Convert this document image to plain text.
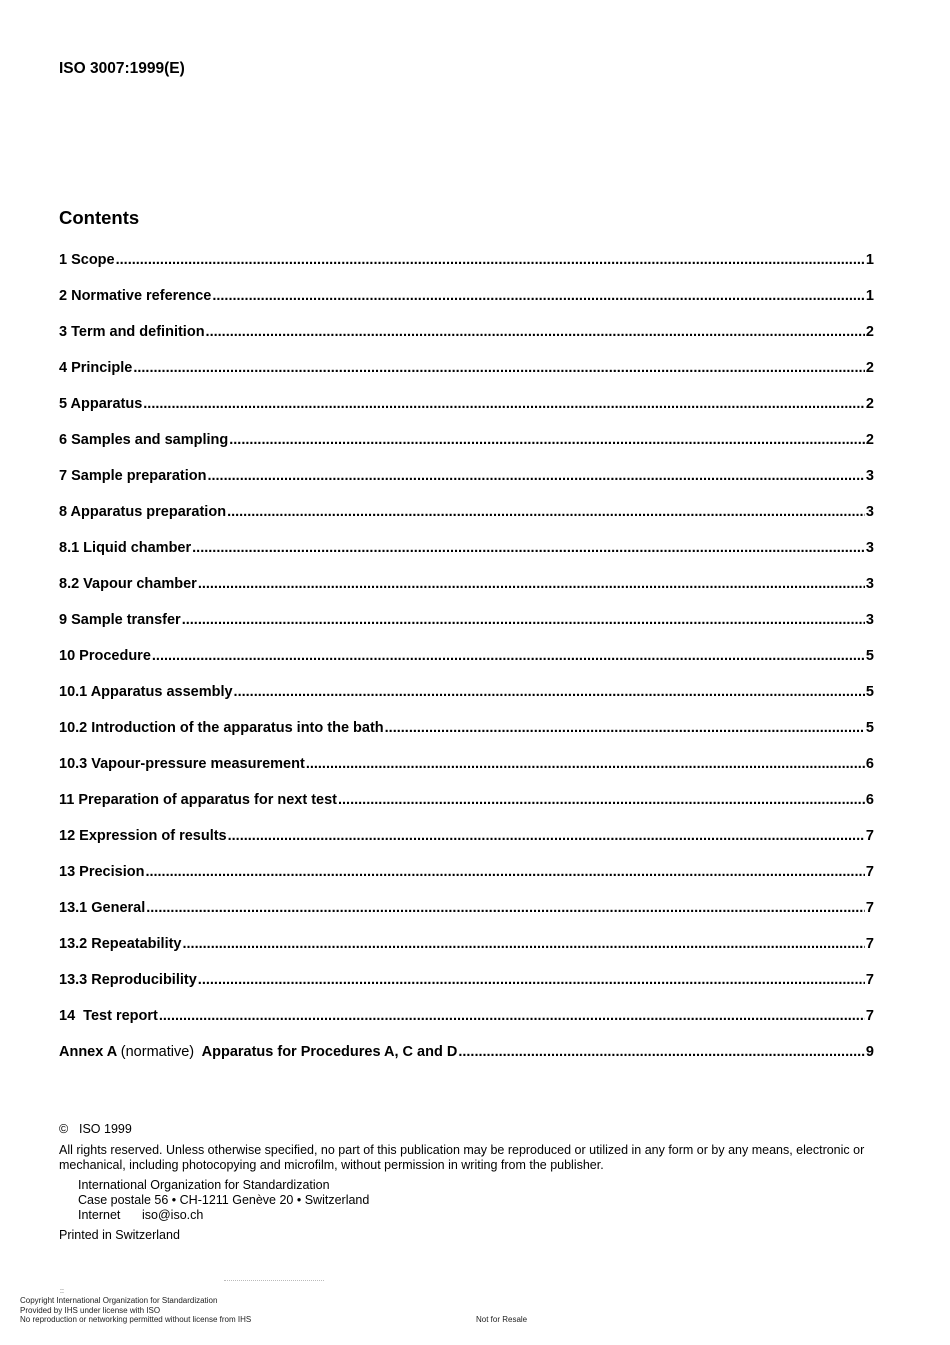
ISO 3007:1999(E)
Contents
1 Scope .....	1
2 Normative reference .....	1
3 Term and definition .....	2
4 Principle .....	2
5 Apparatus .....	2
6 Samples and sampling .....	2
7 Sample preparation .....	3
8 Apparatus preparation .....	3
8.1 Liquid chamber .....	3
8.2 Vapour chamber .....	3
9 Sample transfer .....	3
10 Procedure .....	5
10.1 Apparatus assembly .....	5
10.2 Introduction of the apparatus into the bath .....	5
10.3 Vapour-pressure measurement .....	6
11 Preparation of apparatus for next test .....	6
12 Expression of results .....	7
13 Precision .....	7
13.1 General .....	7
13.2 Repeatability .....	7
13.3 Reproducibility .....	7
14  Test report .....	7
Annex A (normative) Apparatus for Procedures A, C and D .....	9
© ISO 1999
All rights reserved. Unless otherwise specified, no part of this publication may be reproduced or utilized in any form or by any means, electronic or mechanical, including photocopying and microfilm, without permission in writing from the publisher.
International Organization for Standardization
Case postale 56 • CH-1211 Genève 20 • Switzerland
Internet iso@iso.ch
Printed in Switzerland
::
Copyright International Organization for Standardization
Provided by IHS under license with ISO
No reproduction or networking permitted without license from IHS	Not for Resale
